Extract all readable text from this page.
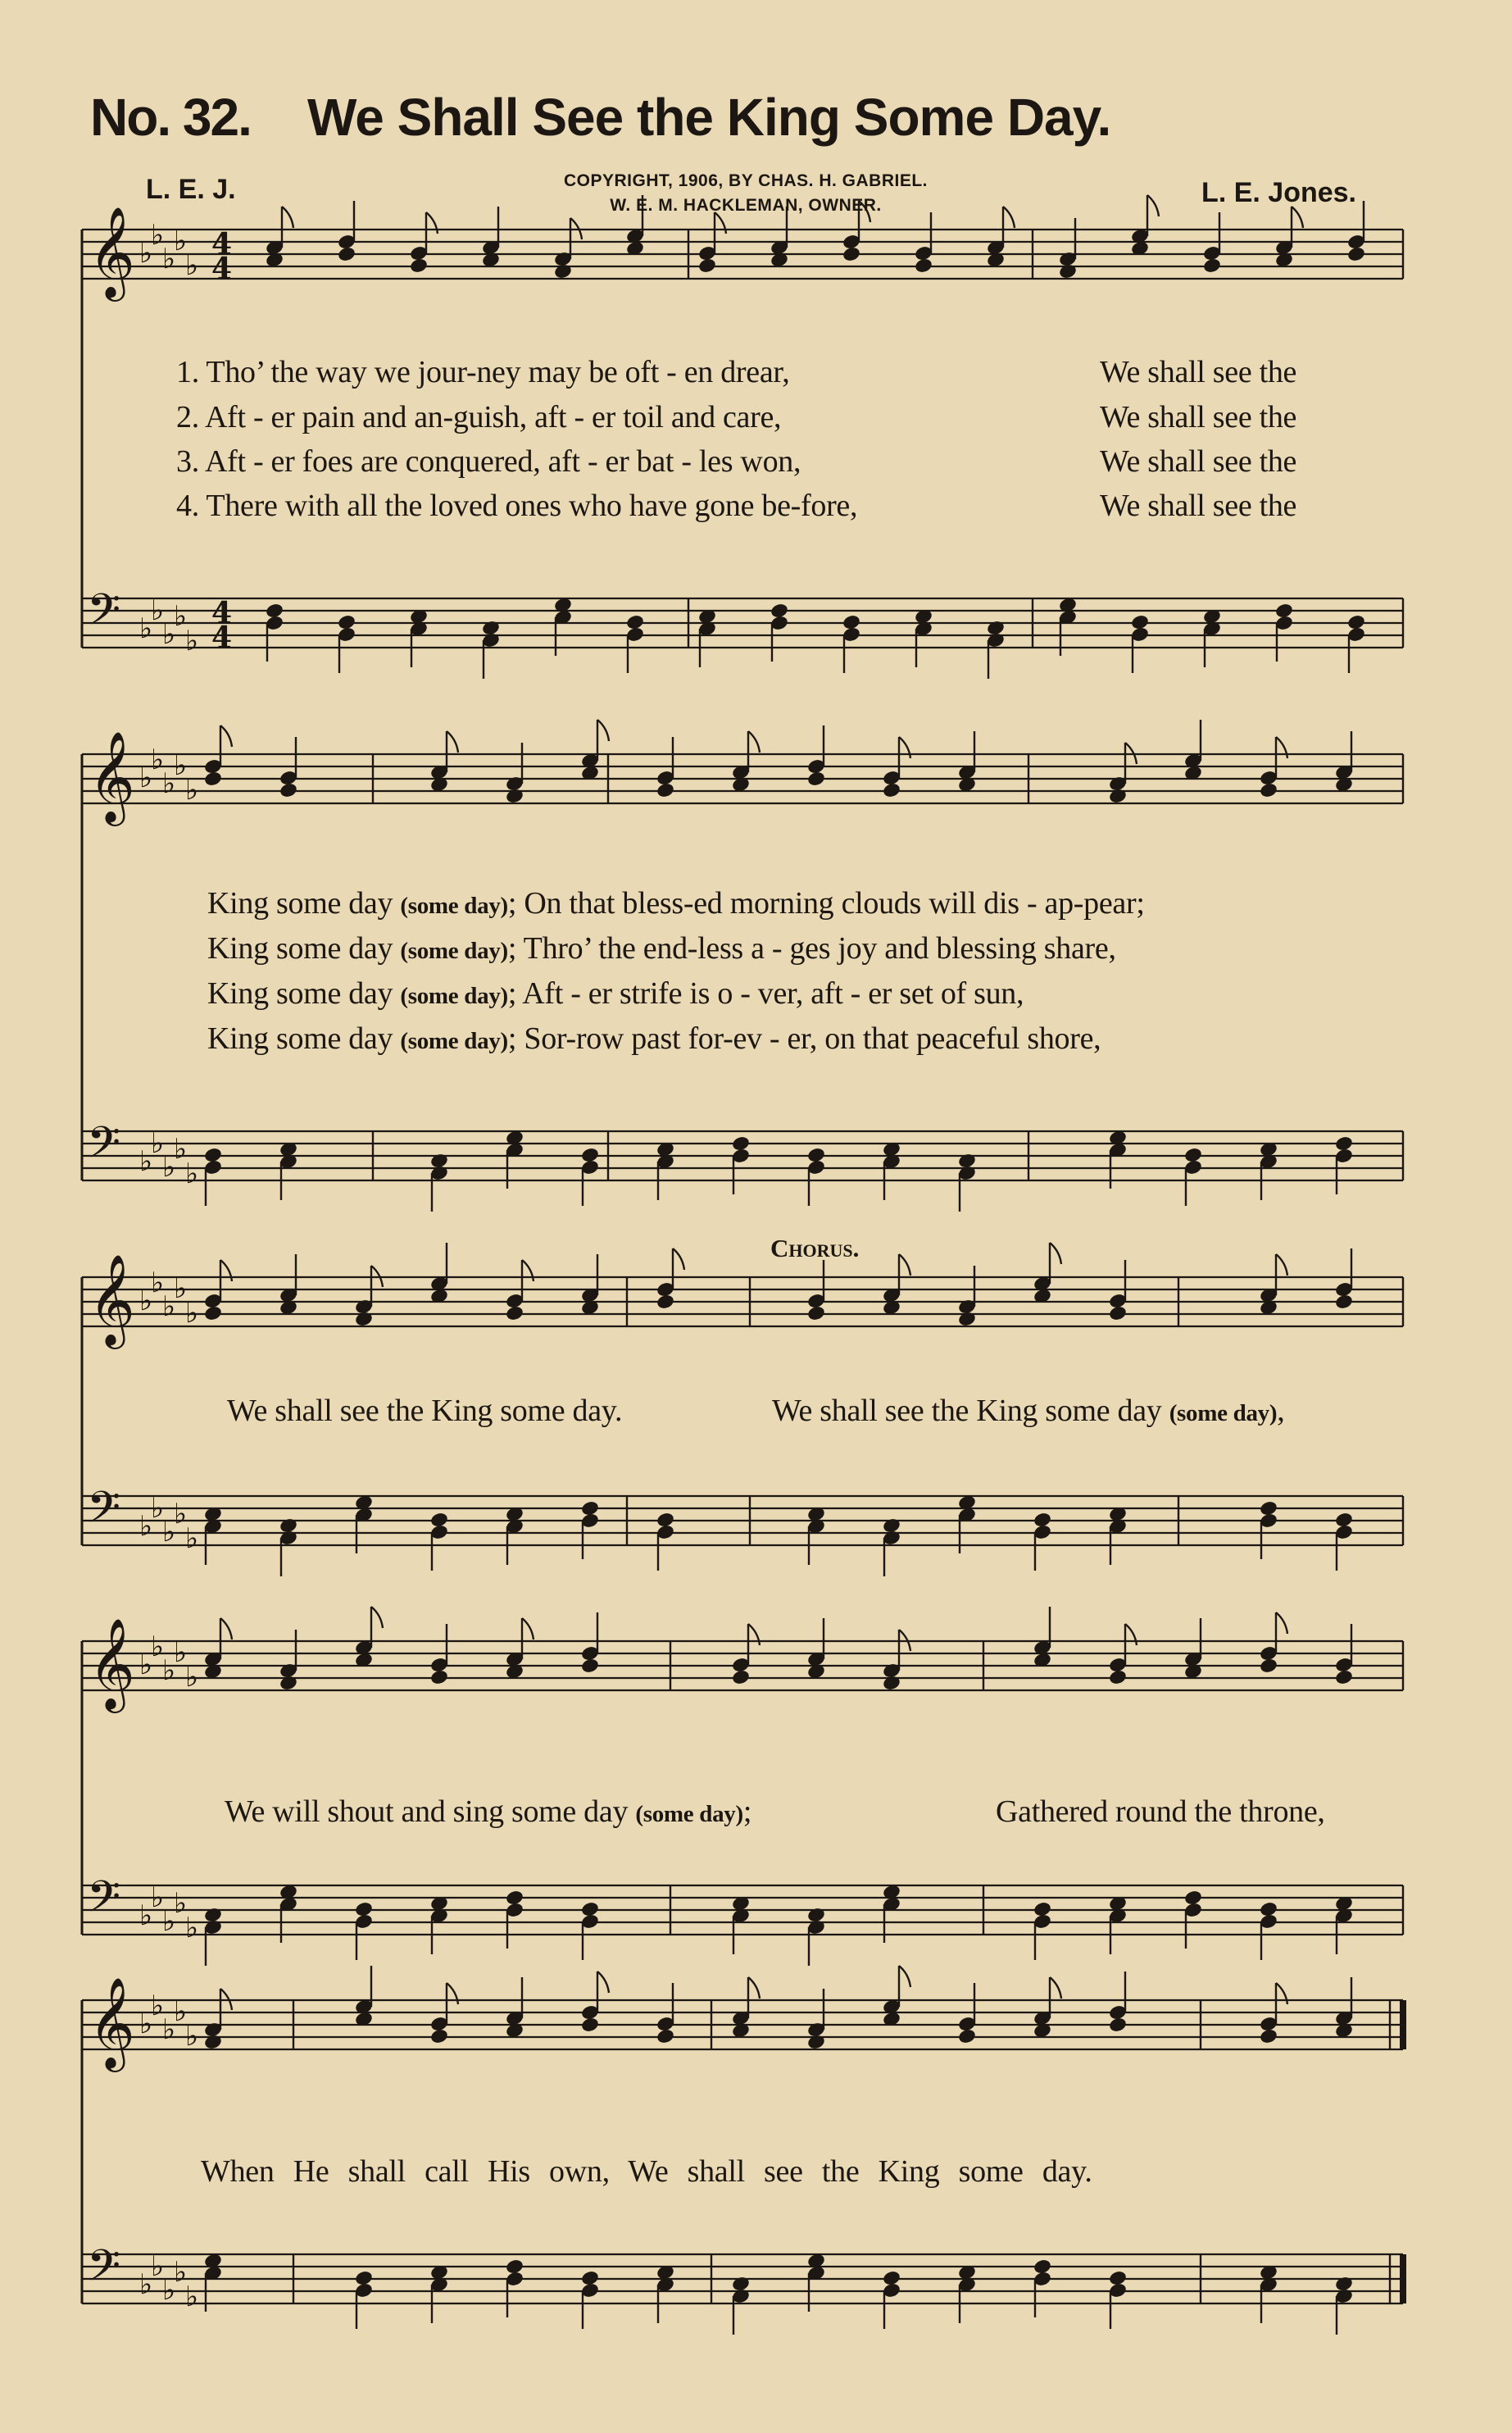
No. 32. We Shall See the King Some Day.
L. E. J.	COPYRIGHT, 1906, BY CHAS. H. GABRIEL.
W. E. M. HACKLEMAN, OWNER.	L. E. Jones.
𝄞 ♭
♭
♭
♭
♭
4
4
𝄢 ♭
♭
♭
♭
♭
4
4
𝄞 ♭
♭
♭
♭
♭
𝄢 ♭
♭
♭
♭
♭
𝄞 ♭
♭
♭
♭
♭
𝄢 ♭
♭
♭
♭
♭
𝄞 ♭
♭
♭
♭
♭
𝄢 ♭
♭
♭
♭
♭
𝄞 ♭
♭
♭
♭
♭
𝄢 ♭
♭
♭
♭
♭
1. Tho’ the way we jour-ney may be oft - en drear,	We shall see the
2. Aft - er pain and an-guish, aft - er toil and care,	We shall see the
3. Aft - er foes are conquered, aft - er bat - les won,	We shall see the
4. There with all the loved ones who have gone be-fore,	We shall see the
King some day (some day); On that bless-ed morning clouds will dis - ap-pear;
King some day (some day); Thro’ the end-less a - ges joy and blessing share,
King some day (some day); Aft - er strife is o - ver, aft - er set of sun,
King some day (some day); Sor-row past for-ev - er, on that peaceful shore,
Chorus.
We shall see the King some day.	We shall see the King some day (some day),
We will shout and sing some day (some day);	Gathered round the throne,
When He shall call His own, We shall see the King some day.
